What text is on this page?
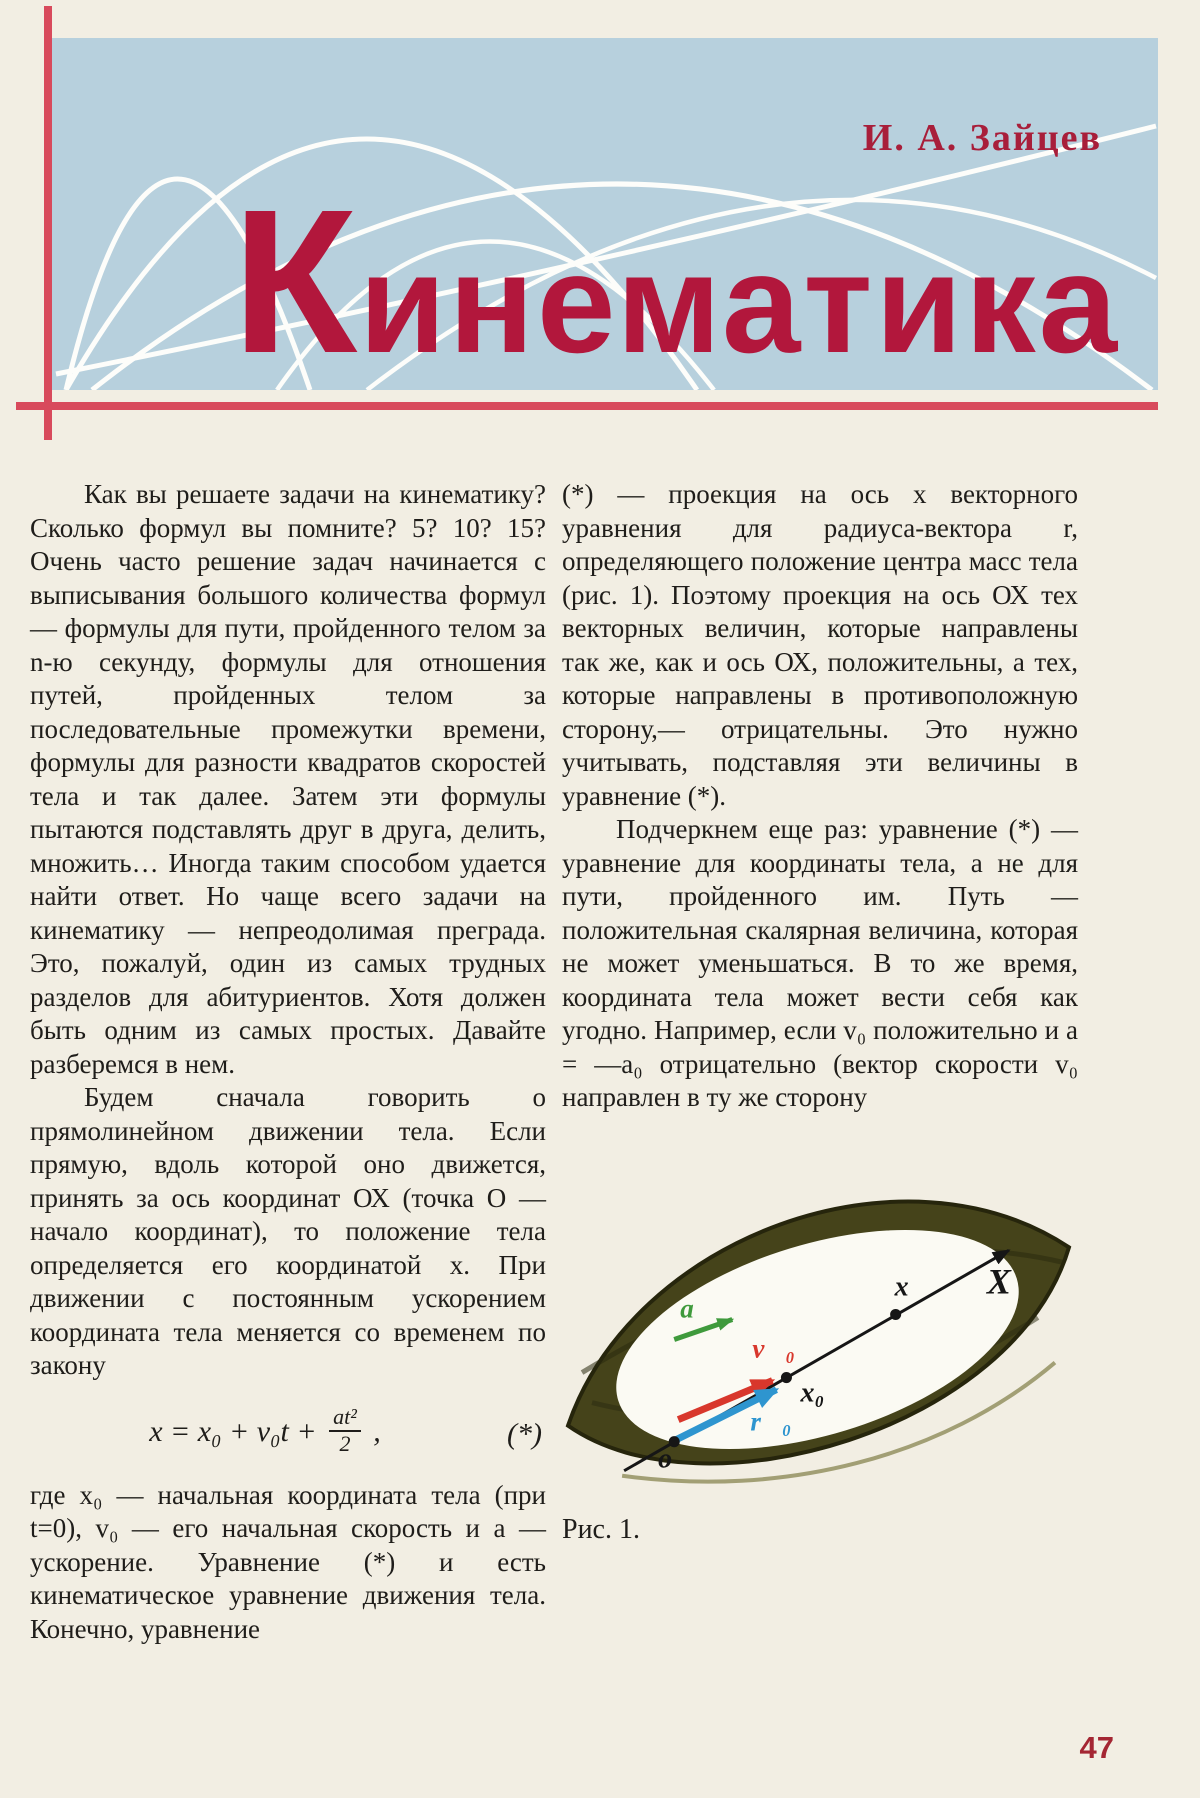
И. А. Зайцев
Кинематика

Как вы решаете задачи на кинематику? Сколько формул вы помните? 5? 10? 15? Очень часто решение задач начинается с выписывания большого количества формул — формулы для пути, пройденного телом за n-ю секунду, формулы для отношения путей, пройденных телом за последовательные промежутки времени, формулы для разности квадратов скоростей тела и так далее. Затем эти формулы пытаются подставлять друг в друга, делить, множить… Иногда таким способом удается найти ответ. Но чаще всего задачи на кинематику — непреодолимая преграда. Это, пожалуй, один из самых трудных разделов для абитуриентов. Хотя должен быть одним из самых простых. Давайте разберемся в нем.

Будем сначала говорить о прямолинейном движении тела. Если прямую, вдоль которой оно движется, принять за ось координат ОХ (точка О — начало координат), то положение тела определяется его координатой x. При движении с постоянным ускорением координата тела меняется со временем по закону

$x = x_0 + v_0t + \frac{\text{at²}}{2}$ ,	(*)

где x₀ — начальная координата тела (при t=0), v₀ — его начальная скорость и a — ускорение. Уравнение (*) и есть кинематическое уравнение движения тела. Конечно, уравнение

(*) — проекция на ось x векторного уравнения для радиуса-вектора r, определяющего положение центра масс тела (рис. 1). Поэтому проекция на ось ОХ тех векторных величин, которые направлены так же, как и ось ОХ, положительны, а тех, которые направлены в противоположную сторону,— отрицательны. Это нужно учитывать, подставляя эти величины в уравнение (*).

Подчеркнем еще раз: уравнение (*) — уравнение для координаты тела, а не для пути, пройденного им. Путь — положительная скалярная величина, которая не может уменьшаться. В то же время, координата тела может вести себя как угодно. Например, если v₀ положительно и a = —a₀ отрицательно (вектор скорости v₀ направлен в ту же сторону

X
x
x₀
o
a⃗
v⃗₀
r⃗₀

Рис. 1.

47
